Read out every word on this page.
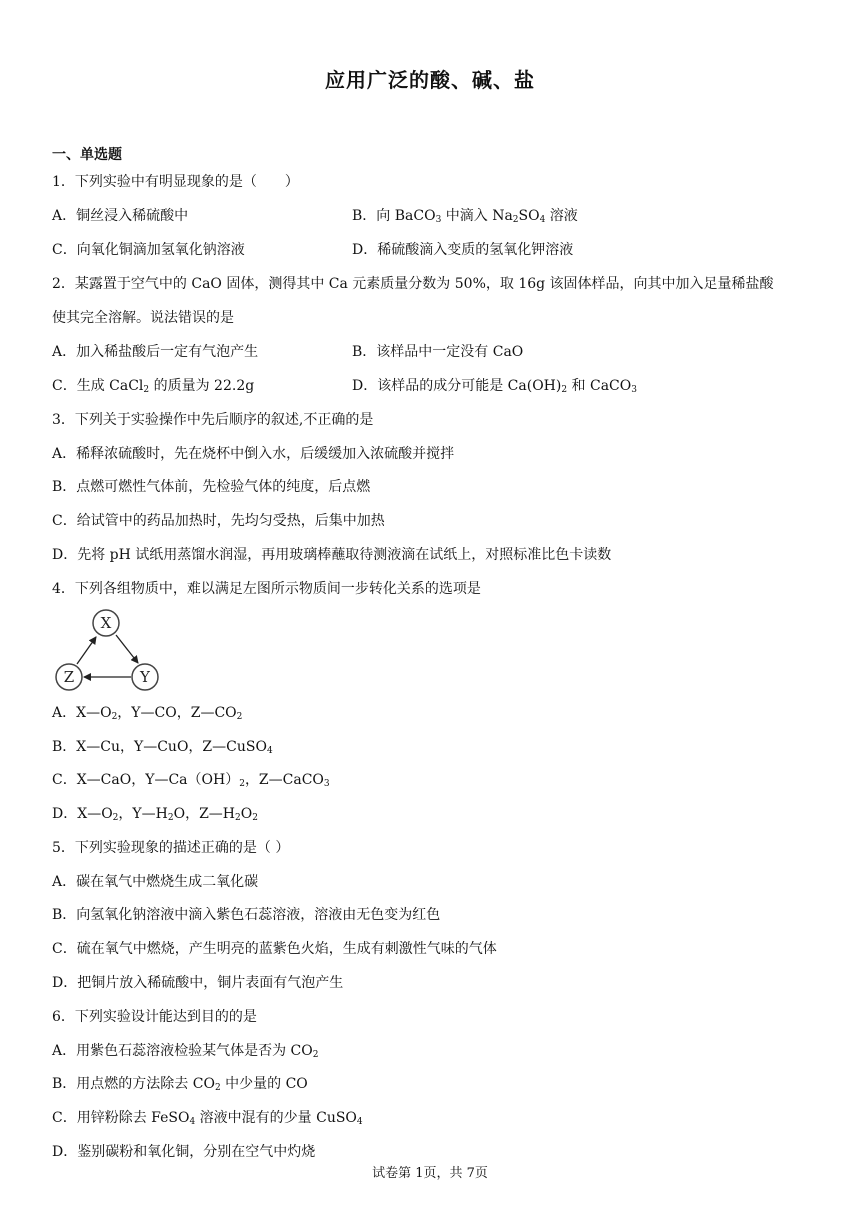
应用广泛的酸、碱、盐
一、单选题
1．下列实验中有明显现象的是（　　）
A．铜丝浸入稀硫酸中	B．向 BaCO$_3$ 中滴入 $Na_2SO_4$ 溶液
C．向氧化铜滴加氢氧化钠溶液	D．稀硫酸滴入变质的氢氧化钾溶液
2．某露置于空气中的 CaO 固体，测得其中 Ca 元素质量分数为 50%，取 16g 该固体样品，向其中加入足量稀盐酸
使其完全溶解。说法错误的是
A．加入稀盐酸后一定有气泡产生	B．该样品中一定没有 CaO
C．生成 CaCl$_2$ 的质量为 22.2g	D．该样品的成分可能是 $Ca(OH)_2$ 和 CaCO$_3$
3．下列关于实验操作中先后顺序的叙述,不正确的是
A．稀释浓硫酸时，先在烧杯中倒入水，后缓缓加入浓硫酸并搅拌
B．点燃可燃性气体前，先检验气体的纯度，后点燃
C．给试管中的药品加热时，先均匀受热，后集中加热
D．先将 pH 试纸用蒸馏水润湿，再用玻璃棒蘸取待测液滴在试纸上，对照标准比色卡读数
4．下列各组物质中，难以满足左图所示物质间一步转化关系的选项是
X
Z	Y
A．$X—O_2$，Y—CO，$Z—CO_2$
B．X—Cu，Y—CuO，Z—CuSO$_4$
C．X—CaO，$Y—Ca(OH)_2$，Z—CaCO$_3$
D．$X—O_2$，$Y—H_2O$，$Z—H_2O_2$
5．下列实验现象的描述正确的是（ ）
A．碳在氧气中燃烧生成二氧化碳
B．向氢氧化钠溶液中滴入紫色石蕊溶液，溶液由无色变为红色
C．硫在氧气中燃烧，产生明亮的蓝紫色火焰，生成有刺激性气味的气体
D．把铜片放入稀硫酸中，铜片表面有气泡产生
6．下列实验设计能达到目的的是
A．用紫色石蕊溶液检验某气体是否为 $CO_2$
B．用点燃的方法除去 $CO_2$ 中少量的 CO
C．用锌粉除去 FeSO$_4$ 溶液中混有的少量 CuSO$_4$
D．鉴别碳粉和氧化铜，分别在空气中灼烧
试卷第 1页，共 7页
